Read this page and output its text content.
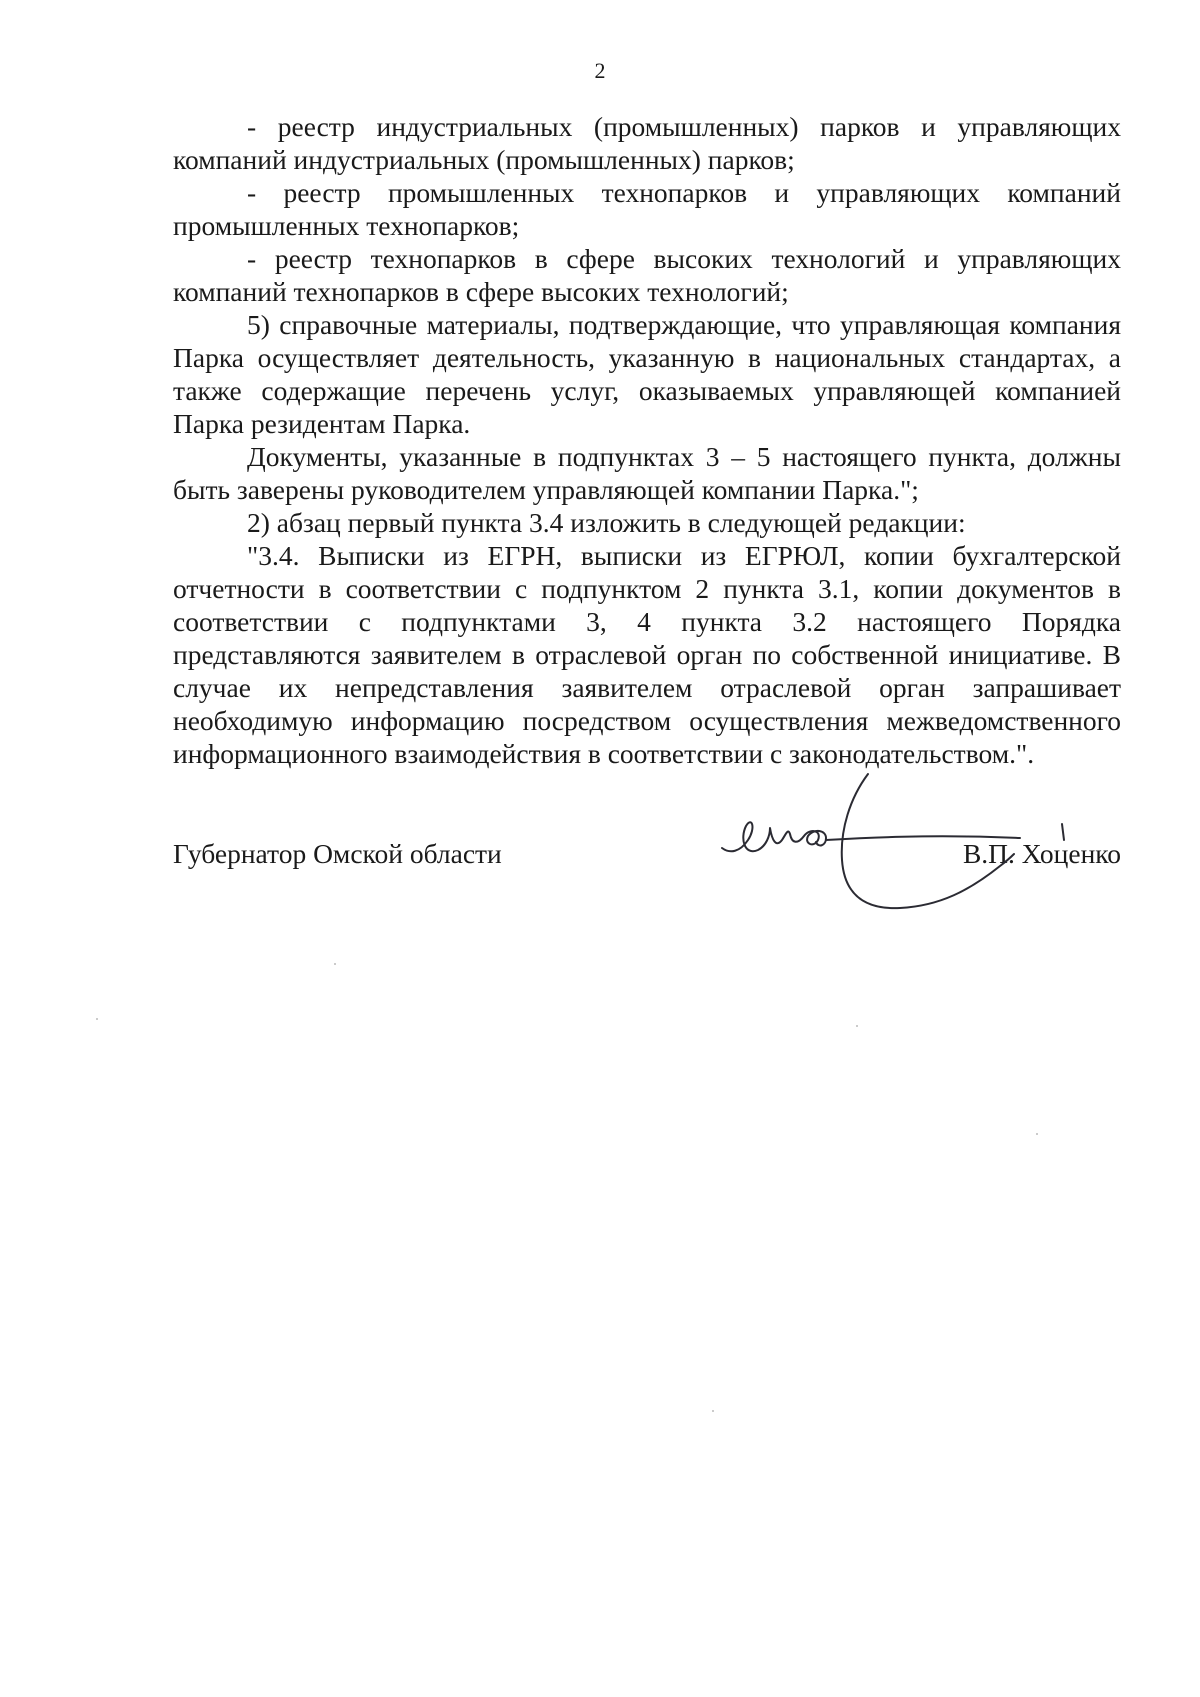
2

- реестр индустриальных (промышленных) парков и управляющих компаний индустриальных (промышленных) парков;

- реестр промышленных технопарков и управляющих компаний промышленных технопарков;

- реестр технопарков в сфере высоких технологий и управляющих компаний технопарков в сфере высоких технологий;

5) справочные материалы, подтверждающие, что управляющая компания Парка осуществляет деятельность, указанную в национальных стандартах, а также содержащие перечень услуг, оказываемых управляющей компанией Парка резидентам Парка.

Документы, указанные в подпунктах 3 – 5 настоящего пункта, должны быть заверены руководителем управляющей компании Парка.";

2) абзац первый пункта 3.4 изложить в следующей редакции:

"3.4. Выписки из ЕГРН, выписки из ЕГРЮЛ, копии бухгалтерской отчетности в соответствии с подпунктом 2 пункта 3.1, копии документов в соответствии с подпунктами 3, 4 пункта 3.2 настоящего Порядка представляются заявителем в отраслевой орган по собственной инициативе. В случае их непредставления заявителем отраслевой орган запрашивает необходимую информацию посредством осуществления межведомственного информационного взаимодействия в соответствии с законодательством.".

Губернатор Омской области	В.П. Хоценко
